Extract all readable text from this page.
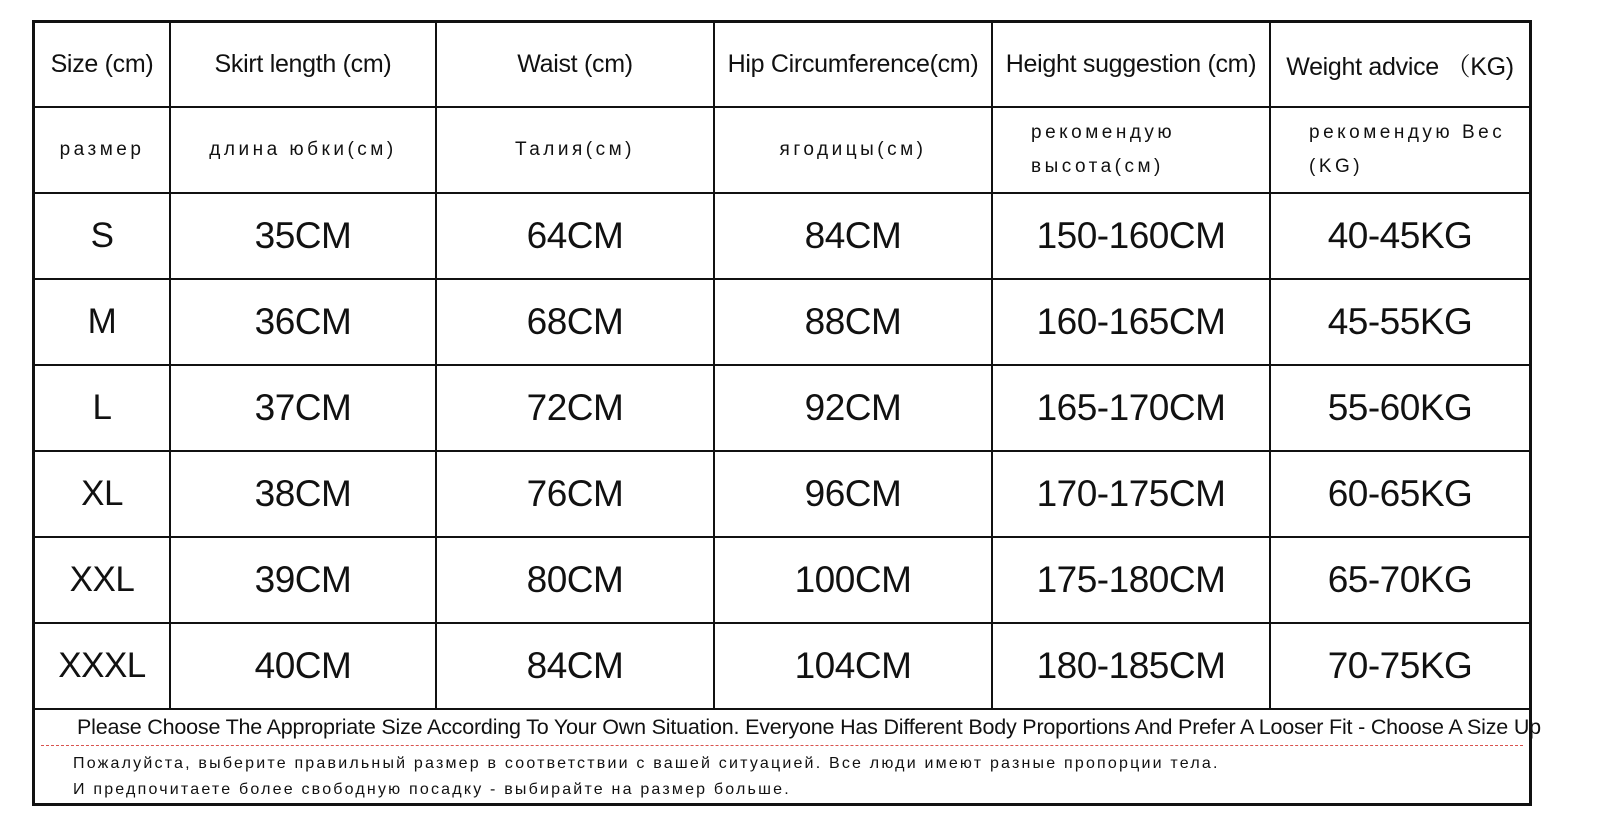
Size (cm)	Skirt length (cm)	Waist (cm)	Hip Circumference(cm)	Height suggestion (cm)	Weight advice （KG)
размер	длина юбки(см)	Талия(см)	ягодицы(см)	рекомендую высота(см)	рекомендую Вес (KG)
S	35CM	64CM	84CM	150-160CM	40-45KG
M	36CM	68CM	88CM	160-165CM	45-55KG
L	37CM	72CM	92CM	165-170CM	55-60KG
XL	38CM	76CM	96CM	170-175CM	60-65KG
XXL	39CM	80CM	100CM	175-180CM	65-70KG
XXXL	40CM	84CM	104CM	180-185CM	70-75KG
Please Choose The Appropriate Size According To Your Own Situation. Everyone Has Different Body Proportions And Prefer A Looser Fit - Choose A Size Up
Пожалуйста, выберите правильный размер в соответствии с вашей ситуацией. Все люди имеют разные пропорции тела.
И предпочитаете более свободную посадку - выбирайте на размер больше.
